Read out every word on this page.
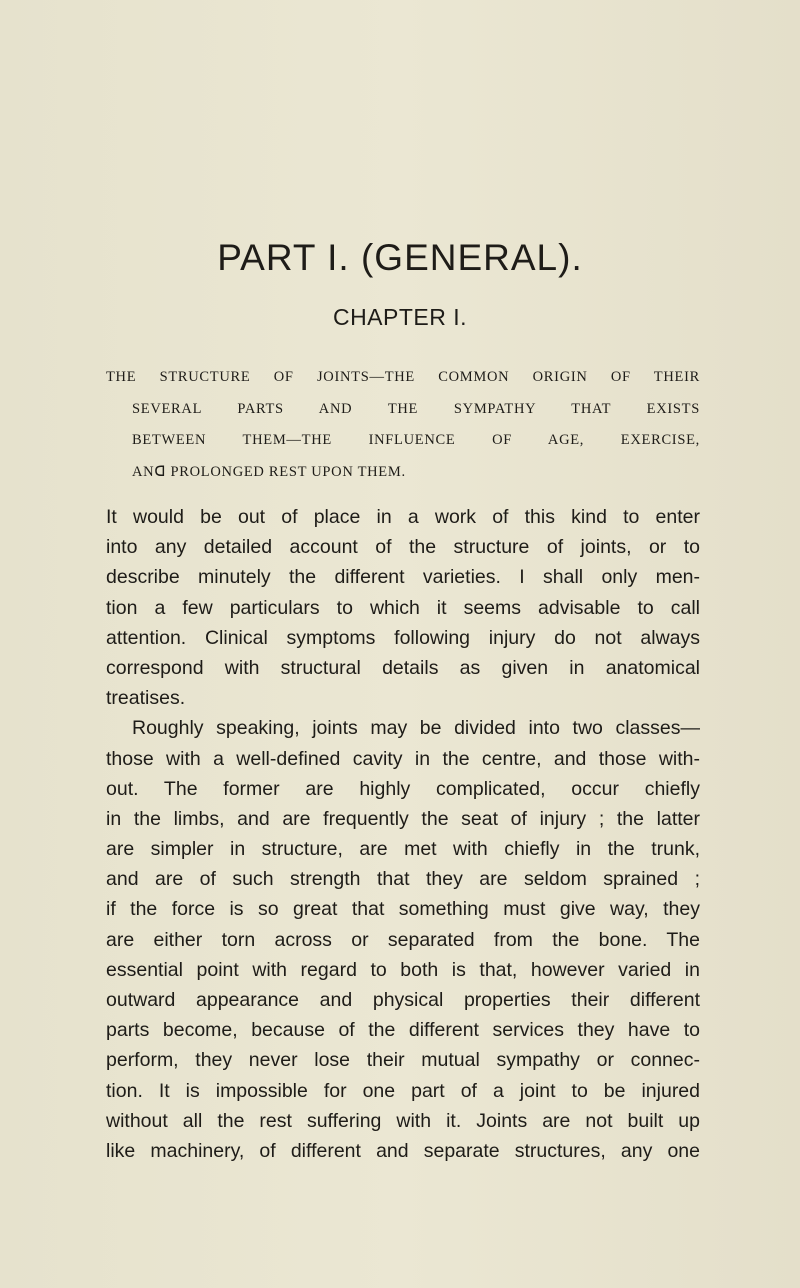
PART I. (GENERAL).
CHAPTER I.
THE STRUCTURE OF JOINTS—THE COMMON ORIGIN OF THEIR
SEVERAL PARTS AND THE SYMPATHY THAT EXISTS
BETWEEN THEM—THE INFLUENCE OF AGE, EXERCISE,
ANᗡ PROLONGED REST UPON THEM.
It would be out of place in a work of this kind to enter
into any detailed account of the structure of joints, or to
describe minutely the different varieties. I shall only men-
tion a few particulars to which it seems advisable to call
attention. Clinical symptoms following injury do not always
correspond with structural details as given in anatomical
treatises.
Roughly speaking, joints may be divided into two classes—
those with a well-defined cavity in the centre, and those with-
out. The former are highly complicated, occur chiefly
in the limbs, and are frequently the seat of injury ; the latter
are simpler in structure, are met with chiefly in the trunk,
and are of such strength that they are seldom sprained ;
if the force is so great that something must give way, they
are either torn across or separated from the bone. The
essential point with regard to both is that, however varied in
outward appearance and physical properties their different
parts become, because of the different services they have to
perform, they never lose their mutual sympathy or connec-
tion. It is impossible for one part of a joint to be injured
without all the rest suffering with it. Joints are not built up
like machinery, of different and separate structures, any one
